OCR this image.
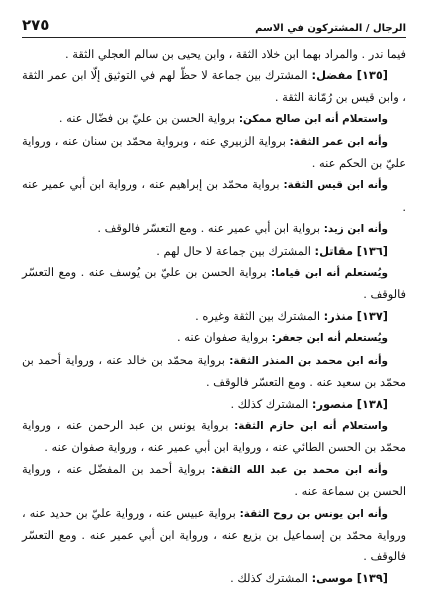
الرجال / المشتركون في الاسم
٢٧٥

فيما ندر . والمراد بهما ابن خلاد الثقة ، وابن يحيى بن سالم العجلي الثقة .

[١٣٥] مفضل: المشترك بين جماعة لا حظّ لهم في التوثيق إلّا ابن عمر الثقة ، وابن قيس بن رُمّانة الثقة .

واستعلام أنه ابن صالح ممكن: برواية الحسن بن عليّ بن فضّال عنه .

وأنه ابن عمر الثقة: برواية الزبيري عنه ، وبرواية محمّد بن سنان عنه ، ورواية عليّ بن الحكم عنه .

وأنه ابن قيس الثقة: برواية محمّد بن إبراهيم عنه ، ورواية ابن أبي عمير عنه .

وأنه ابن زيد: برواية ابن أبي عمير عنه . ومع التعسّر فالوقف .

[١٣٦] مقاتل: المشترك بين جماعة لا حال لهم .

ويُستعلم أنه ابن قياما: برواية الحسن بن عليّ بن يُوسف عنه . ومع التعسّر فالوقف .

[١٣٧] منذر: المشترك بين الثقة وغيره .

ويُستعلم أنه ابن جعفر: برواية صفوان عنه .

وأنه ابن محمد بن المنذر الثقة: برواية محمّد بن خالد عنه ، ورواية أحمد بن محمّد بن سعيد عنه . ومع التعسّر فالوقف .

[١٣٨] منصور: المشترك كذلك .

واستعلام أنه ابن حازم الثقة: برواية يونس بن عبد الرحمن عنه ، ورواية محمّد بن الحسن الطائي عنه ، ورواية ابن أبي عمير عنه ، ورواية صفوان عنه .

وأنه ابن محمد بن عبد الله الثقة: برواية أحمد بن المفضّل عنه ، ورواية الحسن بن سماعة عنه .

وأنه ابن يونس بن روح الثقة: برواية عبيس عنه ، ورواية عليّ بن حديد عنه ، ورواية محمّد بن إسماعيل بن بزيع عنه ، ورواية ابن أبي عمير عنه . ومع التعسّر فالوقف .

[١٣٩] موسى: المشترك كذلك .
